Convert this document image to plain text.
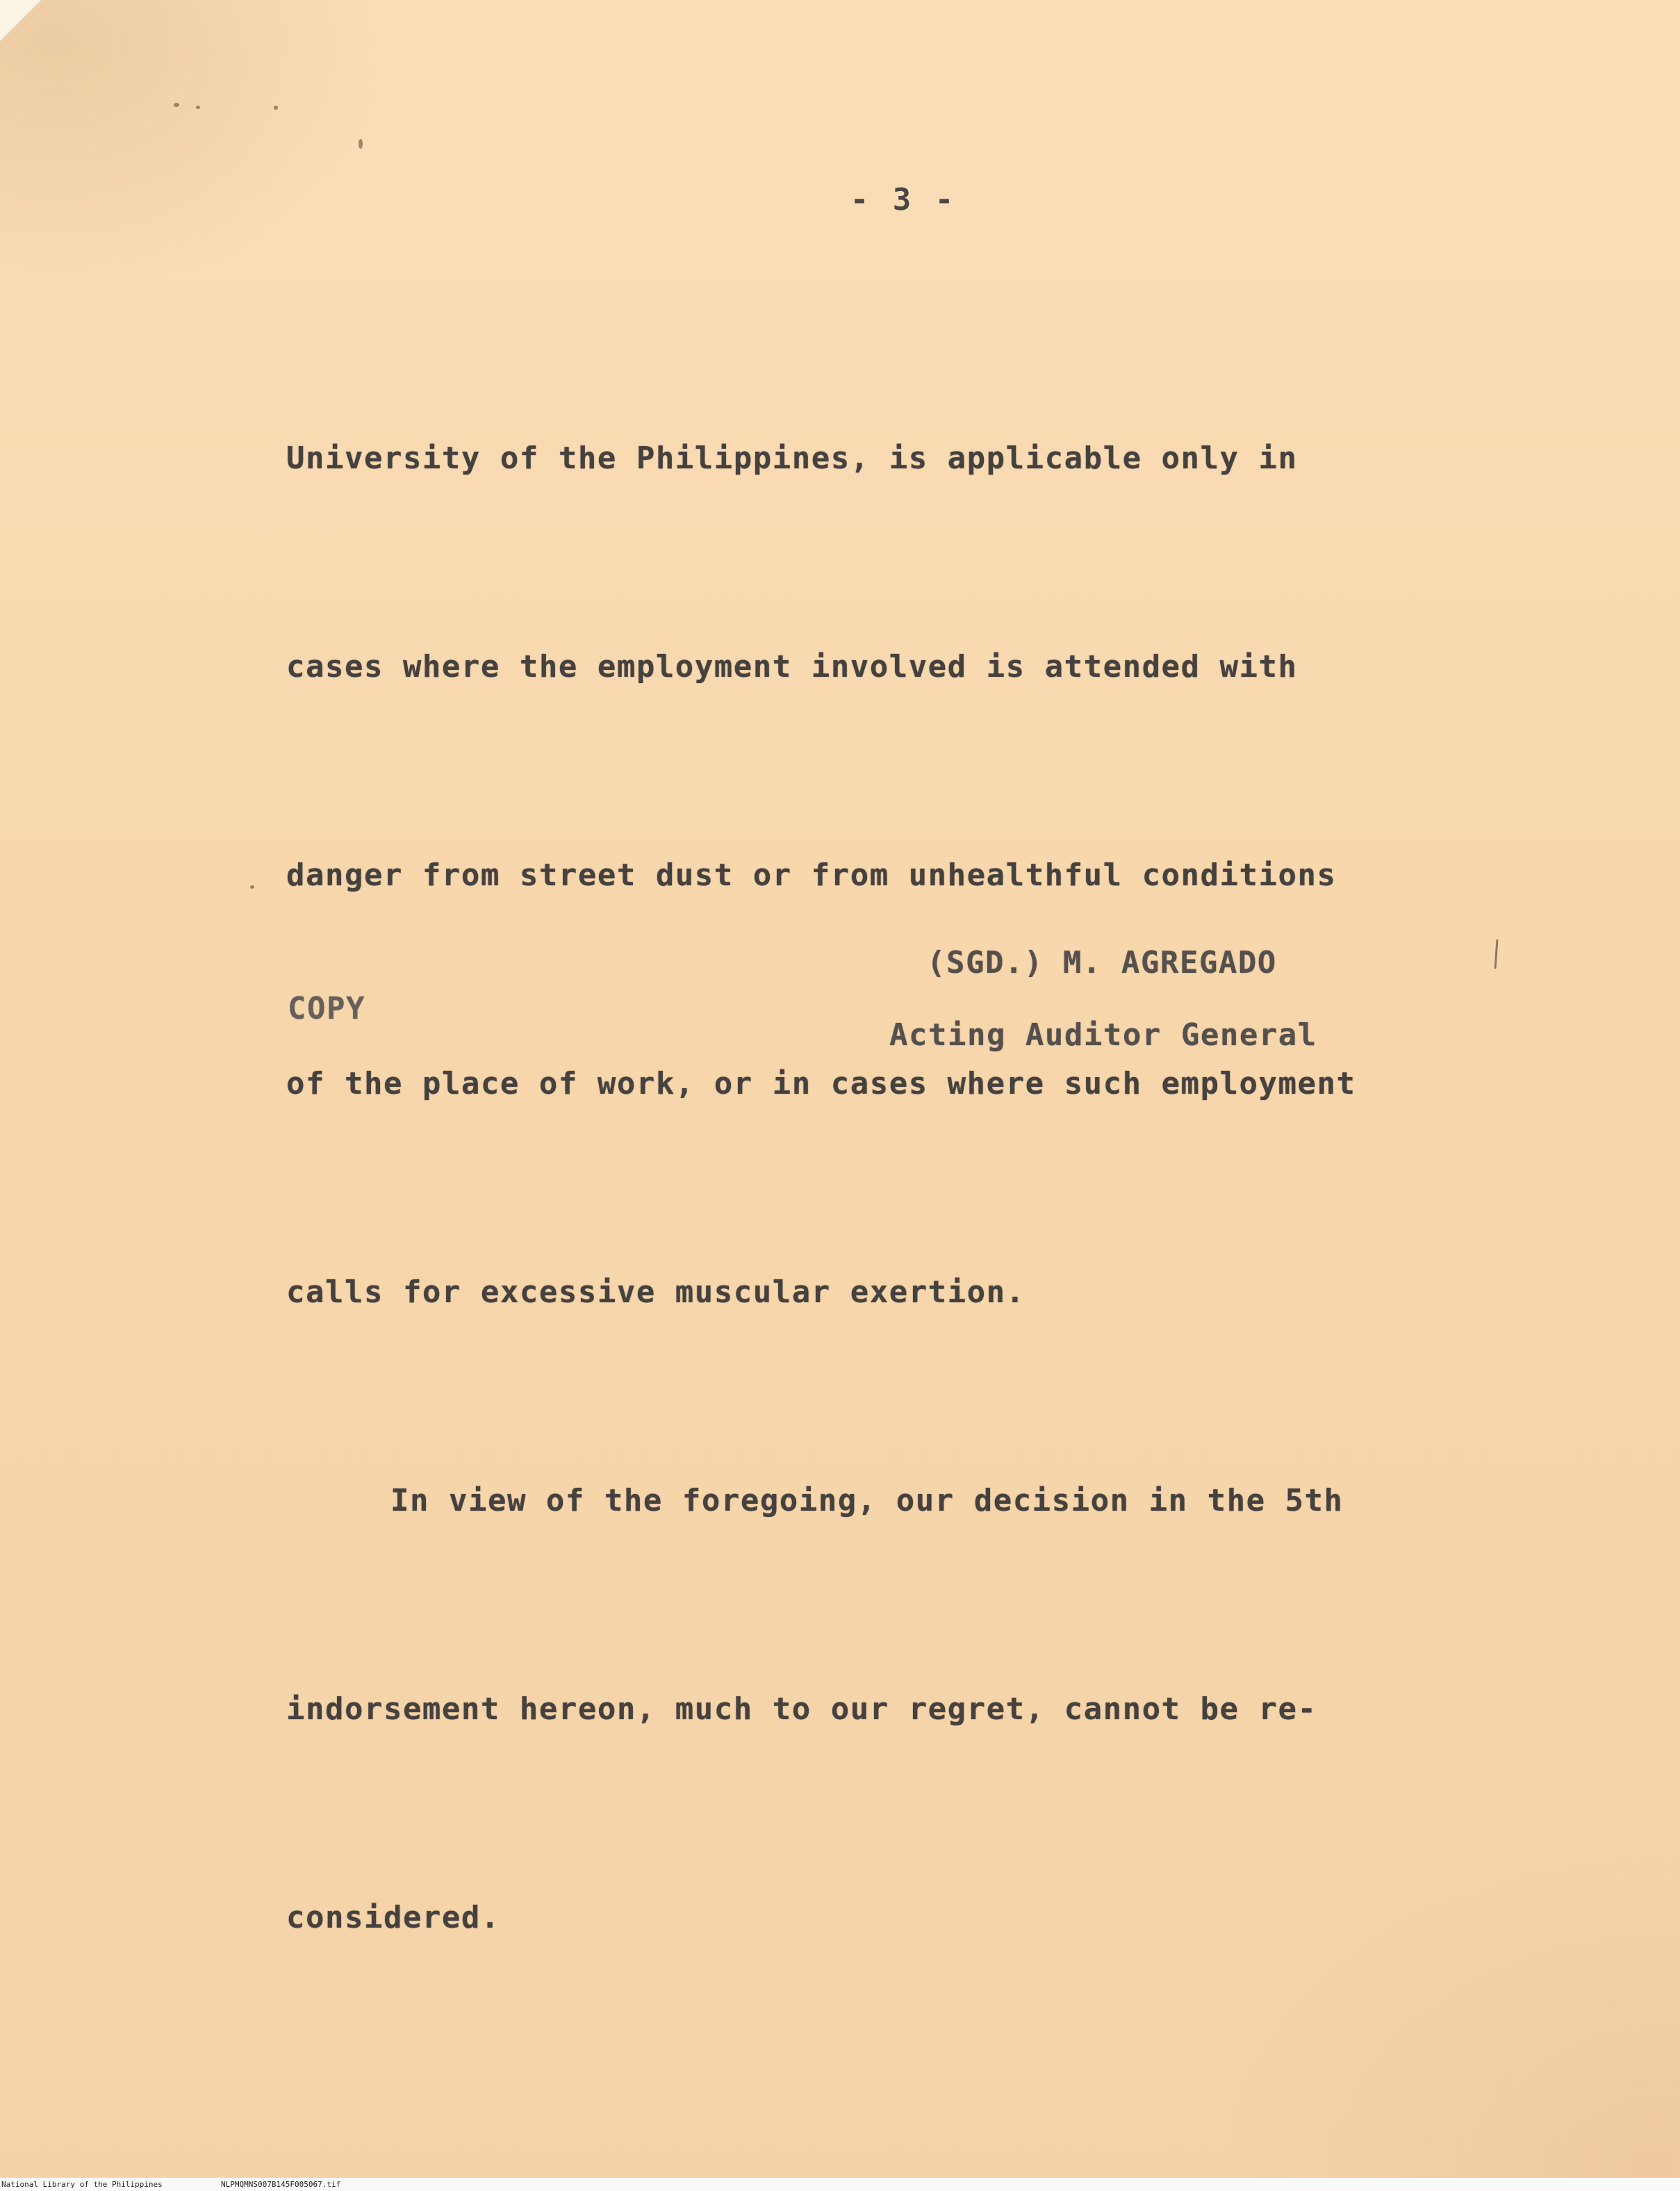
- 3 -

University of the Philippines, is applicable only in

cases where the employment involved is attended with

danger from street dust or from unhealthful conditions

of the place of work, or in cases where such employment

calls for excessive muscular exertion.

In view of the foregoing, our decision in the 5th

indorsement hereon, much to our regret, cannot be re-

considered.

(SGD.) M. AGREGADO

Acting Auditor General

COPY

National Library of the Philippines

	NLPMQMNS007B145F005067.tif
